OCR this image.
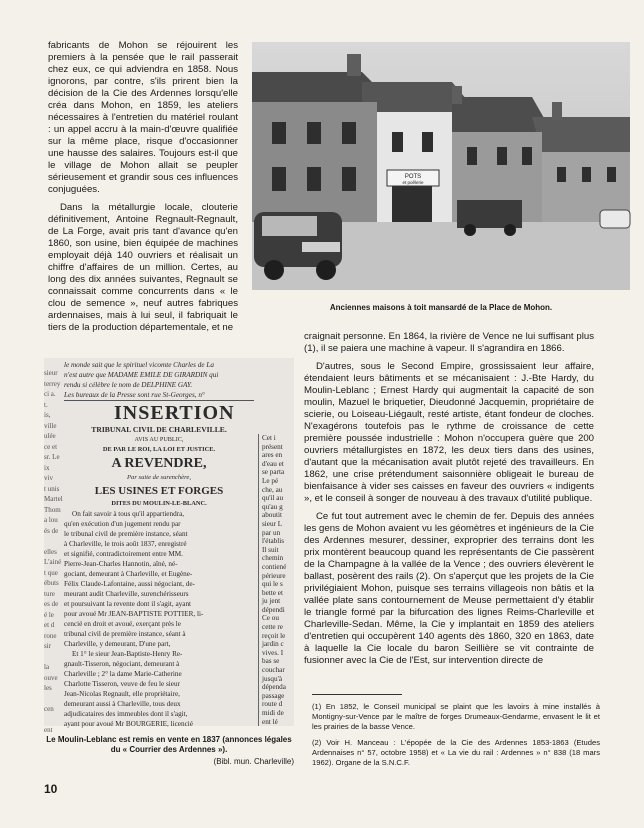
fabricants de Mohon se réjouirent les premiers à la pensée que le rail passerait chez eux, ce qui adviendra en 1858. Nous ignorons, par contre, s'ils prirent bien la décision de la Cie des Ardennes lorsqu'elle créa dans Mohon, en 1859, les ateliers nécessaires à l'entretien du matériel roulant : un appel accru à la main-d'œuvre qualifiée sur la même place, risque d'occasionner une hausse des salaires. Toujours est-il que le village de Mohon allait se peupler sérieusement et grandir sous ces influences conjuguées.

Dans la métallurgie locale, clouterie définitivement, Antoine Regnault-Regnault, de La Forge, avait pris tant d'avance qu'en 1860, son usine, bien équipée de machines employait déjà 140 ouvriers et réalisait un chiffre d'affaires de un million. Certes, au long des dix années suivantes, Regnault se connaissait comme concurrents dans « le clou de semence », neuf autres fabriques ardennaises, mais à lui seul, il fabriquait le tiers de la production départementale, et ne

POTS
et poêlerie

Anciennes maisons à toit mansardé de la Place de Mohon.

sieur
terrey
ci a.
t.
is,
ville
ulée
ce et
sr. Le
ix viv
t unis
Martel
Thom
a lou
és de

elles
L'ainé
t que
ébuts
ture
es de
é le
et d
rone
sir

la
ouve
les

cen

ent
le monde sait que le spirituel vicomte Charles de La
n'est autre que MADAME EMILE DE GIRARDIN qui
rendu si célèbre le nom de DELPHINE GAY.
Les bureaux de la Presse sont rue St-Georges, n°
INSERTION
TRIBUNAL CIVIL DE CHARLEVILLE.
AVIS AU PUBLIC,
DE PAR LE ROI, LA LOI ET JUSTICE.
A REVENDRE,
Par suite de surenchère,
LES USINES ET FORGES
DITES DU MOULIN-LE-BLANC.
On fait savoir à tous qu'il appartiendra,
qu'en exécution d'un jugement rendu par
le tribunal civil de première instance, séant
à Charleville, le trois août 1837, enregistré
et signifié, contradictoirement entre MM.
Pierre-Jean-Charles Hannotin, aîné, né-
gociant, demeurant à Charleville, et Eugène-
Félix Claude-Lafontaine, aussi négociant, de-
meurant audit Charleville, surenchérisseurs
et poursuivant la revente dont il s'agit, ayant
pour avoué Mr JEAN-BAPTISTE POTTIER, li-
cencié en droit et avoué, exerçant près le
tribunal civil de première instance, séant à
Charleville, y demeurant, D'une part,
Et 1° le sieur Jean-Baptiste-Henry Re-
gnault-Tisseron, négociant, demeurant à
Charleville ; 2° la dame Marie-Catherine
Charlotte Tisseron, veuve de feu le sieur
Jean-Nicolas Regnault, elle propriétaire,
demeurant aussi à Charleville, tous deux
adjudicataires des immeubles dont il s'agit,
ayant pour avoué Mr BOURGERIE, licencié
Cet i
présent
ares en
d'eau et
se parta
Le pé
che, au
qu'il au
qu'au g
aboutit
sieur L
par un
l'établis
Il suit
chemin
contiené
périeure
qui le s
bette et
ju jent
dépendi
Ce ou
cette re
reçoit le
jardin c
vives. I
bas se
couchar
jusqu'à
dépenda
passage
route d
midi de
ent lé

Le Moulin-Leblanc est remis en vente en 1837 (annonces légales du « Courrier des Ardennes »).

(Bibl. mun. Charleville)

craignait personne. En 1864, la rivière de Vence ne lui suffisant plus (1), il se paiera une machine à vapeur. Il s'agrandira en 1866.

D'autres, sous le Second Empire, grossissaient leur affaire, étendaient leurs bâtiments et se mécanisaient : J.-Bte Hardy, du Moulin-Leblanc ; Ernest Hardy qui augmentait la capacité de son moulin, Mazuel le briquetier, Dieudonné Jacquemin, propriétaire de scierie, ou Loiseau-Liégault, resté artiste, étant fondeur de cloches. N'exagérons toutefois pas le rythme de croissance de cette première poussée industrielle : Mohon n'occupera guère que 200 ouvriers métallurgistes en 1872, les deux tiers dans des usines, d'autant que la mécanisation avait plutôt rejeté des travailleurs. En 1862, une crise prétendument saisonnière obligeait le bureau de bienfaisance à vider ses caisses en faveur des ouvriers « indigents », et le conseil à songer de nouveau à des travaux d'utilité publique.

Ce fut tout autrement avec le chemin de fer. Depuis des années les gens de Mohon avaient vu les géomètres et ingénieurs de la Cie des Ardennes mesurer, dessiner, exproprier des terrains dont les prix montèrent beaucoup quand les représentants de Cie passèrent de la Champagne à la vallée de la Vence ; des ouvriers élevèrent le ballast, posèrent des rails (2). On s'aperçut que les projets de la Cie privilégiaient Mohon, puisque ses terrains villageois non bâtis et la vallée plate sans contournement de Meuse permettaient d'y établir le triangle formé par la bifurcation des lignes Reims-Charleville et Charleville-Sedan. Même, la Cie y implantait en 1859 des ateliers d'entretien qui occupèrent 140 agents dès 1860, 320 en 1863, date à laquelle la Cie locale du baron Seillière se vit contrainte de fusionner avec la Cie de l'Est, sur intervention directe de

(1) En 1852, le Conseil municipal se plaint que les lavoirs à mine installés à Montigny-sur-Vence par le maître de forges Drumeaux-Gendarme, envasent le lit et les prairies de la basse Vence.

(2) Voir H. Manceau : L'épopée de la Cie des Ardennes 1853-1863 (Etudes Ardennaises n° 57, octobre 1958) et « La vie du rail : Ardennes » n° 838 (18 mars 1962). Organe de la S.N.C.F.

10
